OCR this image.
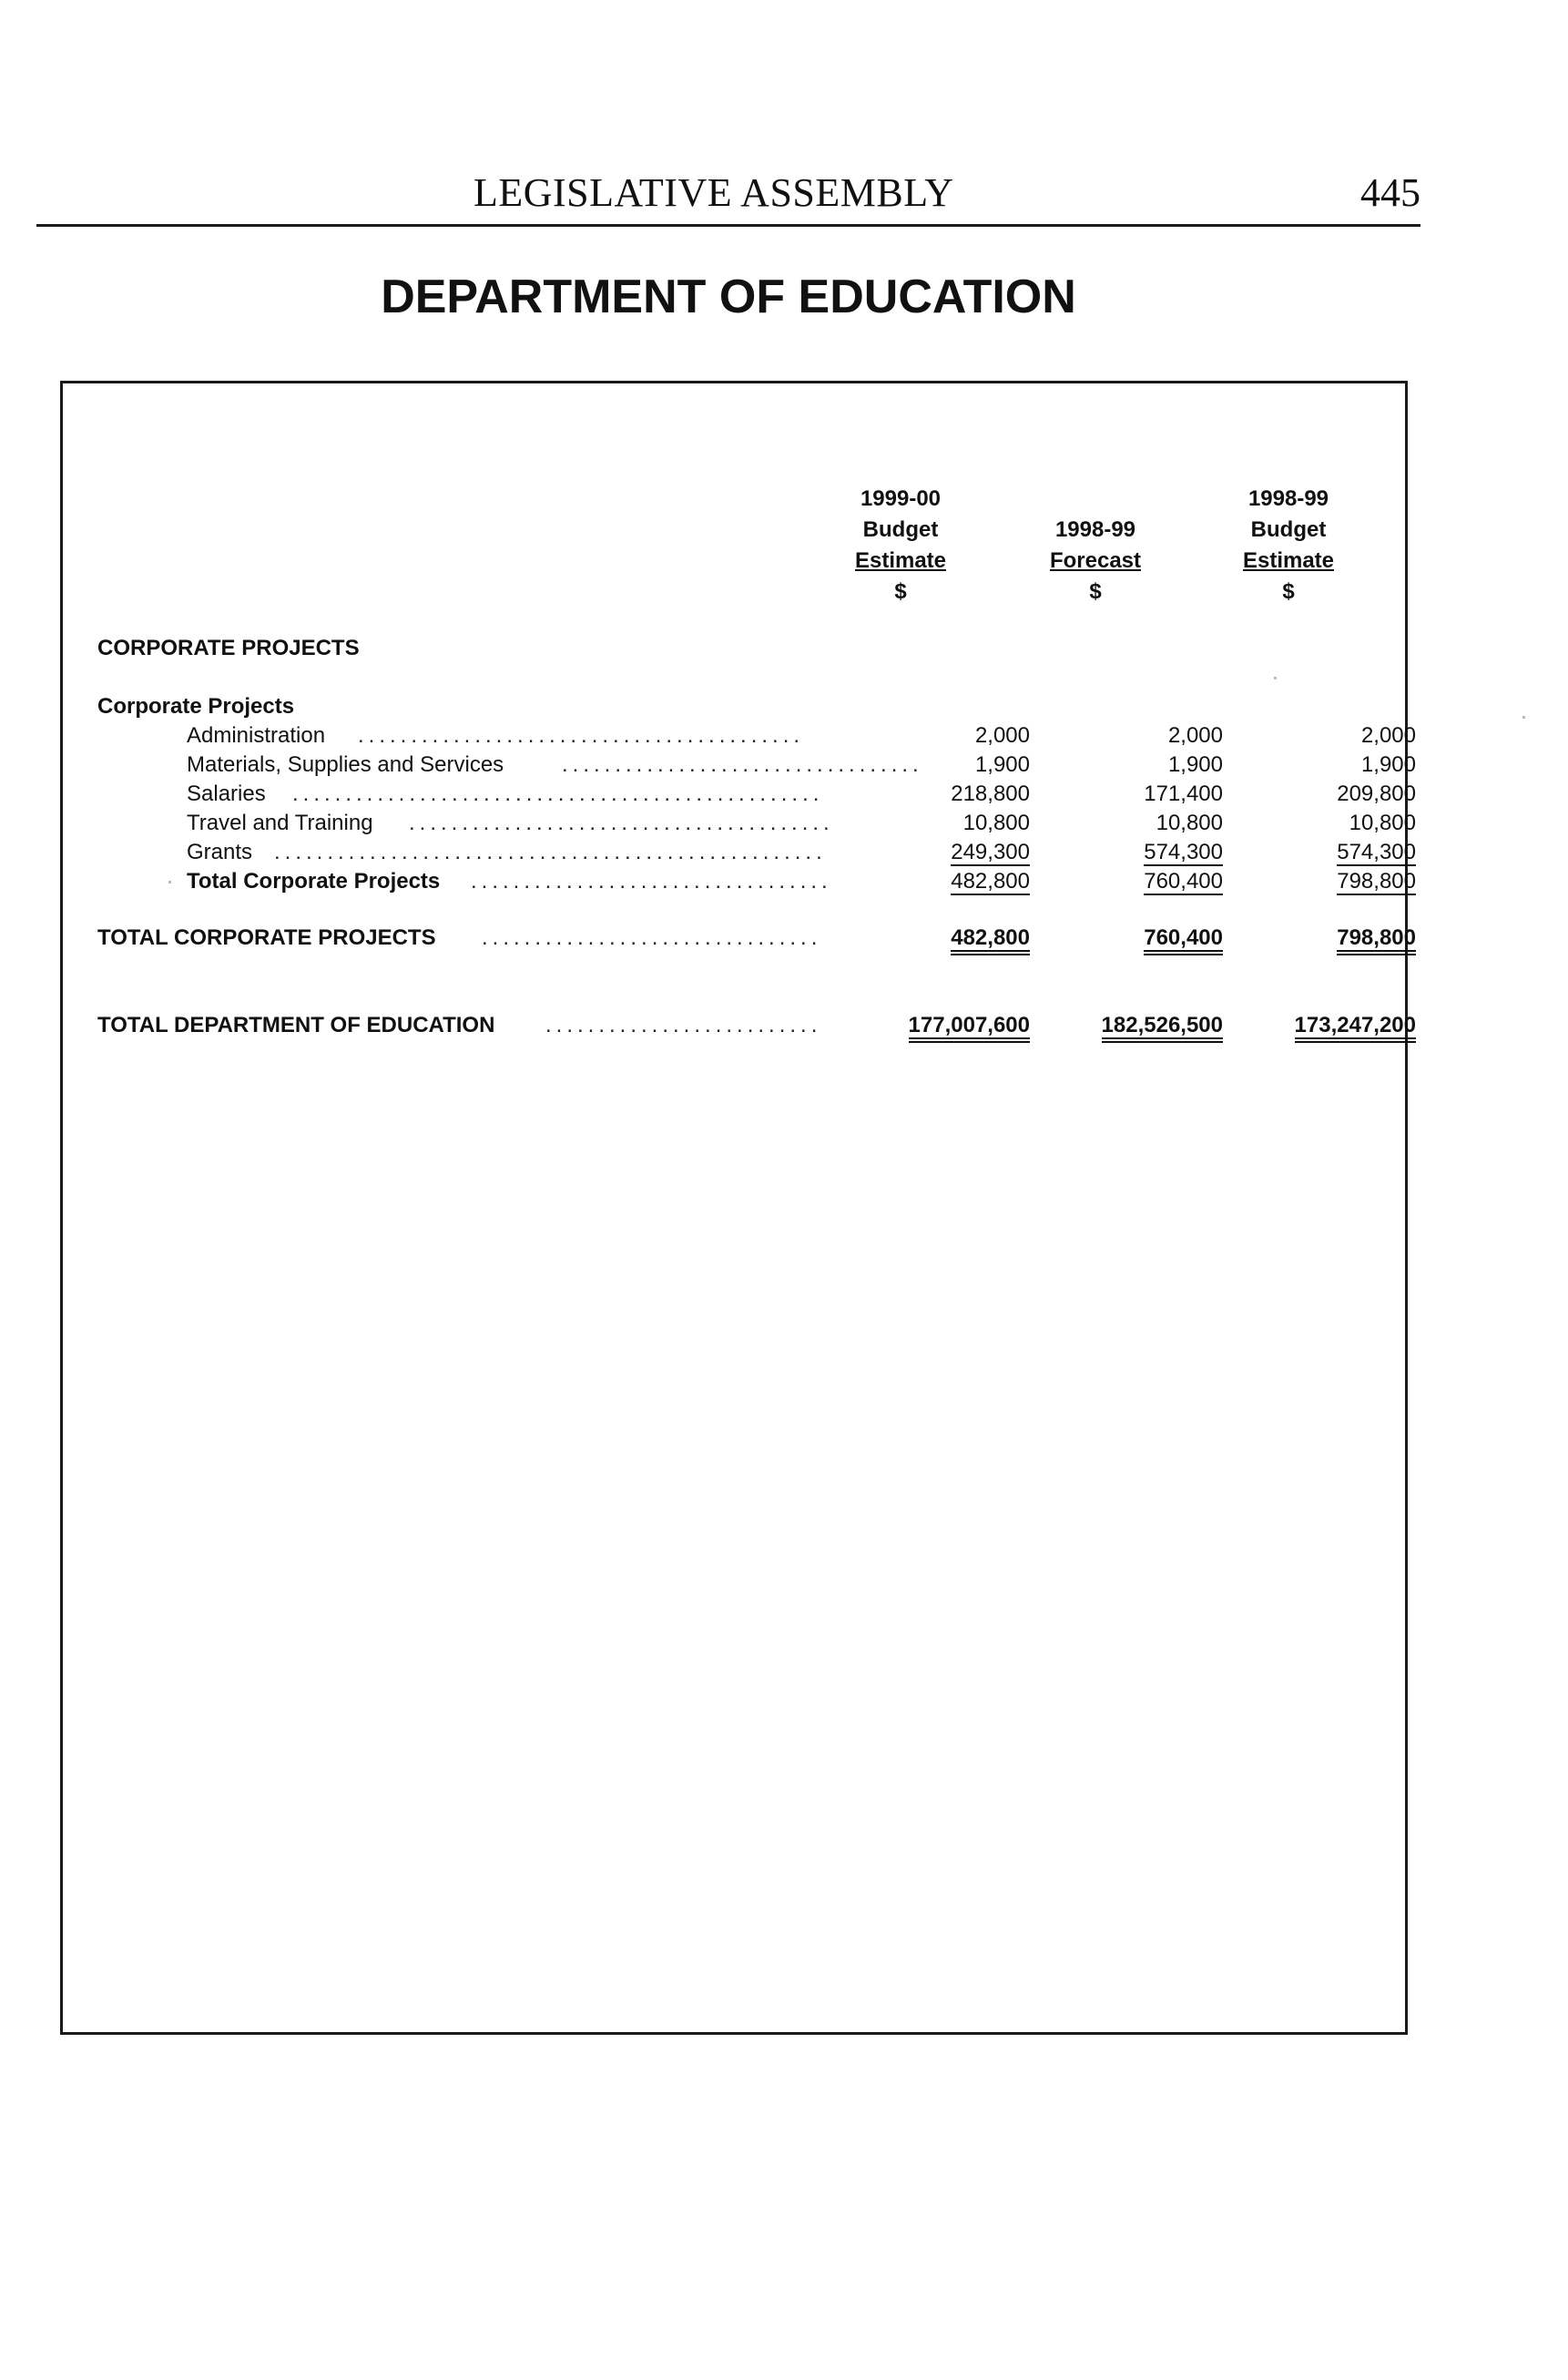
LEGISLATIVE ASSEMBLY	445
DEPARTMENT OF EDUCATION
1999-00
Budget
Estimate
$
1998-99
Forecast
$
1998-99
Budget
Estimate
$
CORPORATE PROJECTS
Corporate Projects
Administration ..........................................	2,000	2,000	2,000
Materials, Supplies and Services	..................................	1,900	1,900	1,900
Salaries ..................................................	218,800	171,400	209,800
Travel and Training ........................................	10,800	10,800	10,800
Grants ....................................................	249,300	574,300	574,300
Total Corporate Projects ..................................	482,800	760,400	798,800
TOTAL CORPORATE PROJECTS ................................	482,800	760,400	798,800
TOTAL DEPARTMENT OF EDUCATION ..........................	177,007,600	182,526,500	173,247,200
